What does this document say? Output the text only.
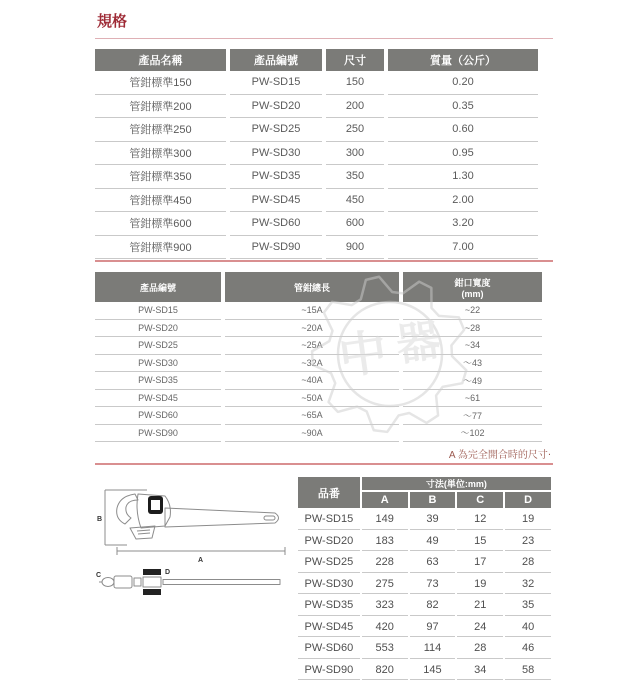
規格
產品名稱	產品編號	尺寸	質量（公斤）
管鉗標準150	PW-SD15	150	0.20
管鉗標準200	PW-SD20	200	0.35
管鉗標準250	PW-SD25	250	0.60
管鉗標準300	PW-SD30	300	0.95
管鉗標準350	PW-SD35	350	1.30
管鉗標準450	PW-SD45	450	2.00
管鉗標準600	PW-SD60	600	3.20
管鉗標準900	PW-SD90	900	7.00
產品編號	管鉗總長	鉗口寬度
(mm)

PW-SD15	~15A	~22
PW-SD20	~20A	~28
PW-SD25	~25A	~34
PW-SD30	~32A	～43
PW-SD35	~40A	～49
PW-SD45	~50A	~61
PW-SD60	~65A	～77
PW-SD90	~90A	～102
A 為完全開合時的尺寸‧
B
A
C	D
品番	寸法(単位:mm)			
	A	B	C	D
PW-SD15	149	39	12	19
PW-SD20	183	49	15	23
PW-SD25	228	63	17	28
PW-SD30	275	73	19	32
PW-SD35	323	82	21	35
PW-SD45	420	97	24	40
PW-SD60	553	114	28	46
PW-SD90	820	145	34	58
中 器
